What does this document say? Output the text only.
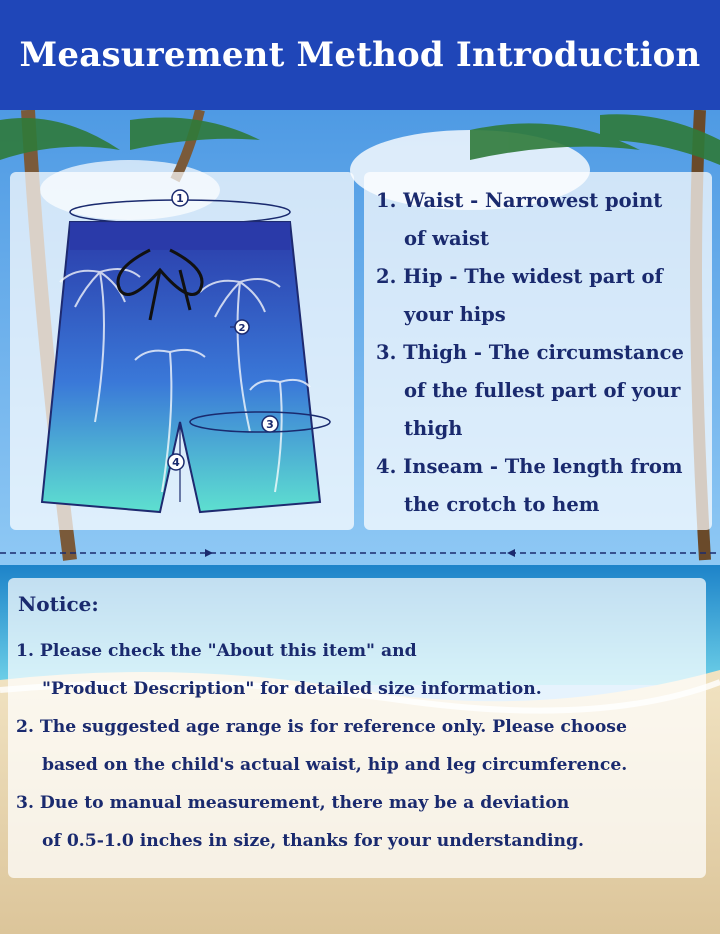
Measurement Method Introduction
1
2
3
4
1. Waist - Narrowest point
of waist
2. Hip - The widest part of
your hips
3. Thigh - The circumstance
of the fullest part of your
thigh
4. Inseam - The length from
the crotch to hem
Notice:
1. Please check the "About this item" and
"Product Description" for detailed size information.
2. The suggested age range is for reference only. Please choose
based on the child's actual waist, hip and leg circumference.
3. Due to manual measurement, there may be a deviation
of 0.5-1.0 inches in size, thanks for your understanding.
